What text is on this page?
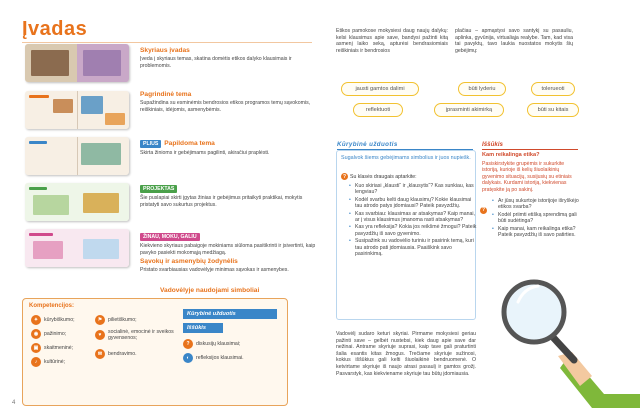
Įvadas
Skyriaus įvadas
Įveda į skyriaus temas, skatina domėtis etikos dalyko klausimais ir problemomis.
Pagrindinė tema
Supažindina su esminėmis bendrosios etikos programos temų sąvokomis, reiškiniais, idėjomis, asmenybėmis.
PLIUS Papildoma tema
Skirta žinioms ir gebėjimams pagilinti, akiračiui praplėsti.
PROJEKTAS
Šie puslapiai skirti įgytas žinias ir gebėjimus pritaikyti praktikai, mokytis pristatyti savo sukurtus projektus.
ŽINAU, MOKU, GALIU
Kiekvieno skyriaus pabaigoje mokiniams siūloma pasitikrinti ir įsivertinti, kaip pavyko pasiekti mokomąją medžiagą.
Sąvokų ir asmenybių žodynėlis
Pristato svarbiausias vadovėlyje minimas sąvokas ir asmenybes.
Vadovėlyje naudojami simboliai
Kompetencijos:
✦	kūrybiškumo;
◉	pažinimo;
▣	skaitmeninė;
♪	kultūrinė;
⚑	pilietiškumo;
♥	socialinė, emocinė ir sveikos gyvensenos;
✉	bendravimo.
Kūrybinė užduotis
Iššūkis
?	diskusijų klausimai;
◐	refleksijos klausimai.
4
Etikos pamokose mokysiesi daug naujų dalykų: kelsi klausimus apie save, bandysi pažinti kitą asmenį laiko seką, apturėsi bendrasiomiais reiškiniais ir bendrosios
plačiau – apmąstysi savo santykį su pasauliu, aplinka, gyvūnija, virtualiąja realybe. Tam, kad visa tai pavyktų, tavo laukia nuostatos mokytis šių gebėjimų:
jausti gamtos dalimi	būti lyderiu	tolerueoti
reflektuoti	įprasminti akimirką	būti su kitais
Kūrybinė užduotis
Sugalvok šiems gebėjimams simbolius ir juos nupiešk.
? Su klasės draugais aptarkite:
• Kuo skiriasi „klausti“ ir „klausytis“? Kas sunkiau, kas lengviau?
• Kodėl svarbu kelti daug klausimų? Kokie klausimai tau atrodo patys įdomiausi? Pateik pavyzdžių.
• Kas svarbiau: klausimas ar atsakymas? Kaip manai, ar į visus klausimus įmanoma rasti atsakymas?
• Kas yra refleksija? Kokia jos reikšmė žmogui? Pateik pavyzdžių iš savo gyvenimo.
• Susipažink su vadovėlio turiniu ir pasirink temą, kuri tau atrodo pati įdomiausia. Paaiškink savo pasirinkimą.
Iššūkis
Kam reikalinga etika?
Pasiskirstykite grupėmis ir sukurkite istoriją, kurioje iš kelių šiuolaikinių gyvenimo situacijų, susijusių su etiniais dalykais. Kurdami istoriją, kiekvienas pratęskite ją po sakinį.
?
• Ar jūsų sukurtoje istorijoje išryškėjo etikos svarba?
• Kodėl priimti etišką sprendimą gali būti sudėtinga?
• Kaip manai, kam reikalinga etika? Pateik pavyzdžių iš savo patirties.
Vadovėlį sudaro keturi skyriai. Pirmame mokysiesi geriau pažinti save – gelbėt nustebsi, kiek daug apie save dar nežinai. Antrame skyriuje suprasi, kaip tave gali praturtinti šalia esantis kitas žmogus. Trečiame skyriuje sužinosi, kokius iššūkius gali kelti šiuolaikinė bendruomenė. O ketvirtame skyriuje iš naujo atrasi pasaulį ir gamtos grožį. Pasvarstyk, kas kiekviename skyriuje tau būtų įdomiausia.
